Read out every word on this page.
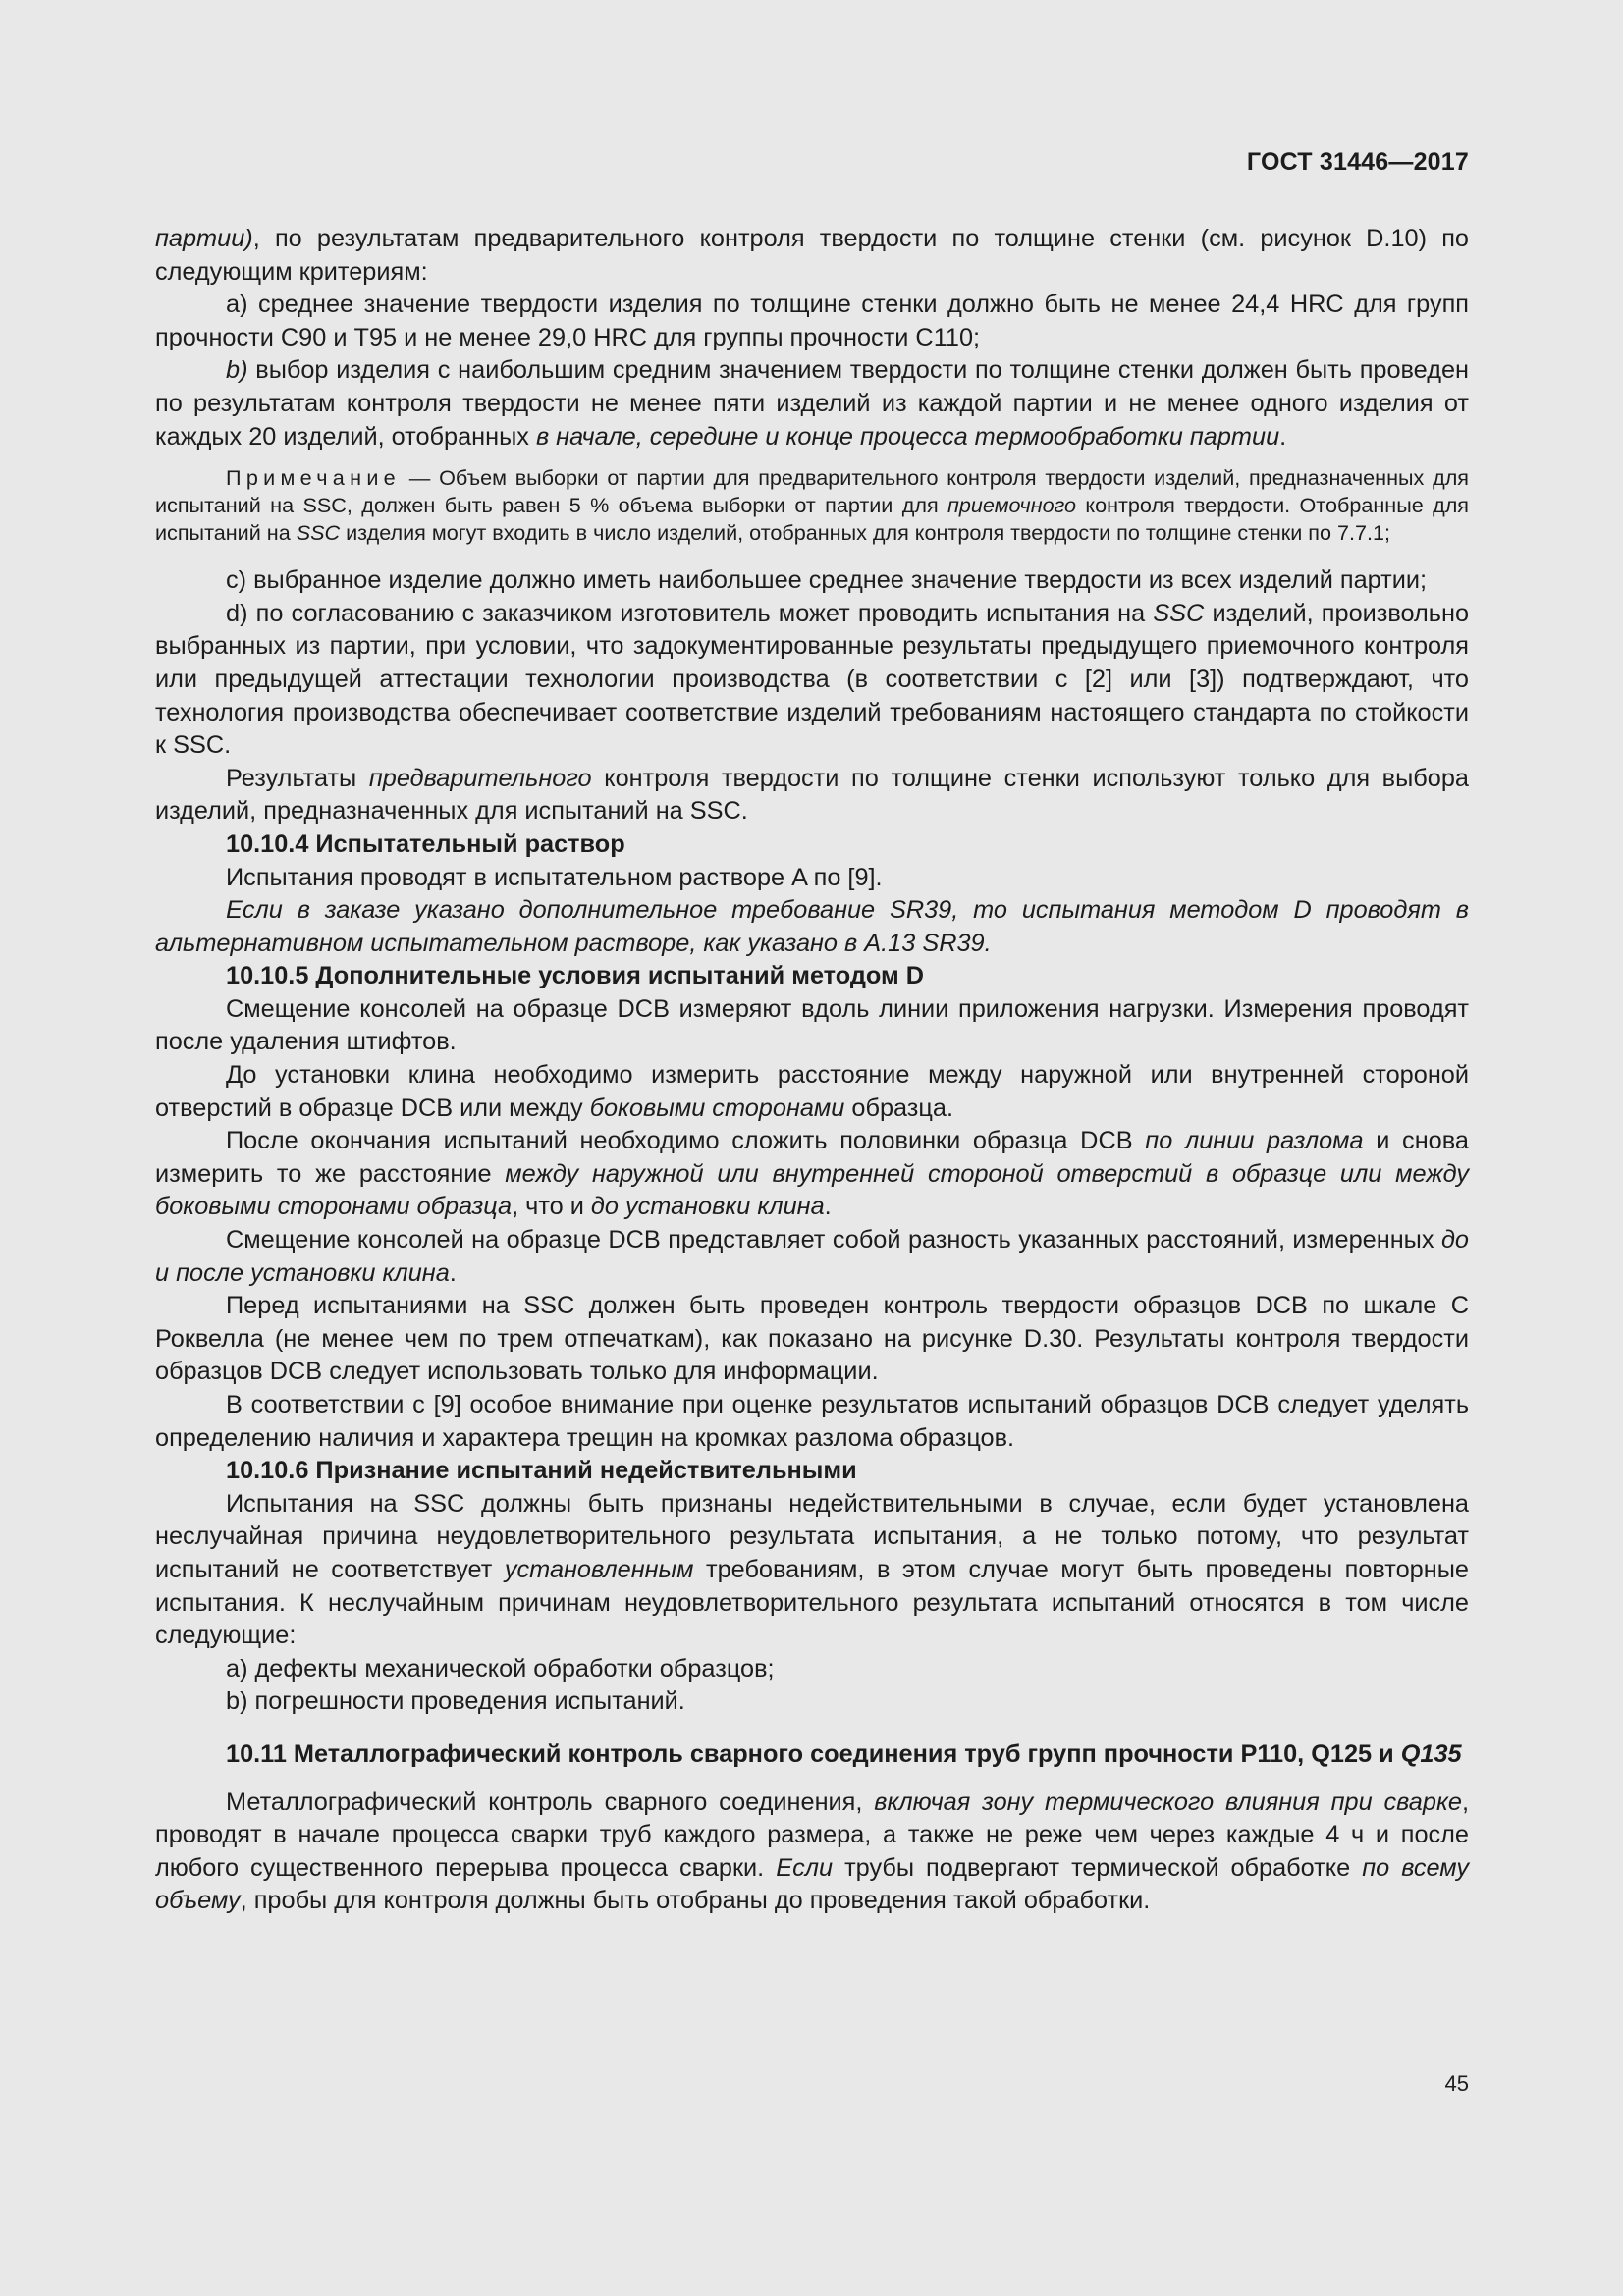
ГОСТ 31446—2017

партии), по результатам предварительного контроля твердости по толщине стенки (см. рисунок D.10) по следующим критериям:

a) среднее значение твердости изделия по толщине стенки должно быть не менее 24,4 HRC для групп прочности C90 и T95 и не менее 29,0 HRC для группы прочности С110;

b) выбор изделия с наибольшим средним значением твердости по толщине стенки должен быть проведен по результатам контроля твердости не менее пяти изделий из каждой партии и не менее одного изделия от каждых 20 изделий, отобранных в начале, середине и конце процесса термообработки партии.

Примечание — Объем выборки от партии для предварительного контроля твердости изделий, предназначенных для испытаний на SSC, должен быть равен 5 % объема выборки от партии для приемочного контроля твердости. Отобранные для испытаний на SSC изделия могут входить в число изделий, отобранных для контроля твердости по толщине стенки по 7.7.1;

c) выбранное изделие должно иметь наибольшее среднее значение твердости из всех изделий партии;

d) по согласованию с заказчиком изготовитель может проводить испытания на SSC изделий, произвольно выбранных из партии, при условии, что задокументированные результаты предыдущего приемочного контроля или предыдущей аттестации технологии производства (в соответствии с [2] или [3]) подтверждают, что технология производства обеспечивает соответствие изделий требованиям настоящего стандарта по стойкости к SSC.

Результаты предварительного контроля твердости по толщине стенки используют только для выбора изделий, предназначенных для испытаний на SSC.

10.10.4 Испытательный раствор

Испытания проводят в испытательном растворе A по [9].

Если в заказе указано дополнительное требование SR39, то испытания методом D проводят в альтернативном испытательном растворе, как указано в А.13 SR39.

10.10.5 Дополнительные условия испытаний методом D

Смещение консолей на образце DCB измеряют вдоль линии приложения нагрузки. Измерения проводят после удаления штифтов.

До установки клина необходимо измерить расстояние между наружной или внутренней стороной отверстий в образце DCB или между боковыми сторонами образца.

После окончания испытаний необходимо сложить половинки образца DCB по линии разлома и снова измерить то же расстояние между наружной или внутренней стороной отверстий в образце или между боковыми сторонами образца, что и до установки клина.

Смещение консолей на образце DCB представляет собой разность указанных расстояний, измеренных до и после установки клина.

Перед испытаниями на SSC должен быть проведен контроль твердости образцов DCB по шкале C Роквелла (не менее чем по трем отпечаткам), как показано на рисунке D.30. Результаты контроля твердости образцов DCB следует использовать только для информации.

В соответствии с [9] особое внимание при оценке результатов испытаний образцов DCB следует уделять определению наличия и характера трещин на кромках разлома образцов.

10.10.6 Признание испытаний недействительными

Испытания на SSC должны быть признаны недействительными в случае, если будет установлена неслучайная причина неудовлетворительного результата испытания, а не только потому, что результат испытаний не соответствует установленным требованиям, в этом случае могут быть проведены повторные испытания. К неслучайным причинам неудовлетворительного результата испытаний относятся в том числе следующие:

a) дефекты механической обработки образцов;

b) погрешности проведения испытаний.

10.11 Металлографический контроль сварного соединения труб групп прочности P110, Q125 и Q135

Металлографический контроль сварного соединения, включая зону термического влияния при сварке, проводят в начале процесса сварки труб каждого размера, а также не реже чем через каждые 4 ч и после любого существенного перерыва процесса сварки. Если трубы подвергают термической обработке по всему объему, пробы для контроля должны быть отобраны до проведения такой обработки.

45
